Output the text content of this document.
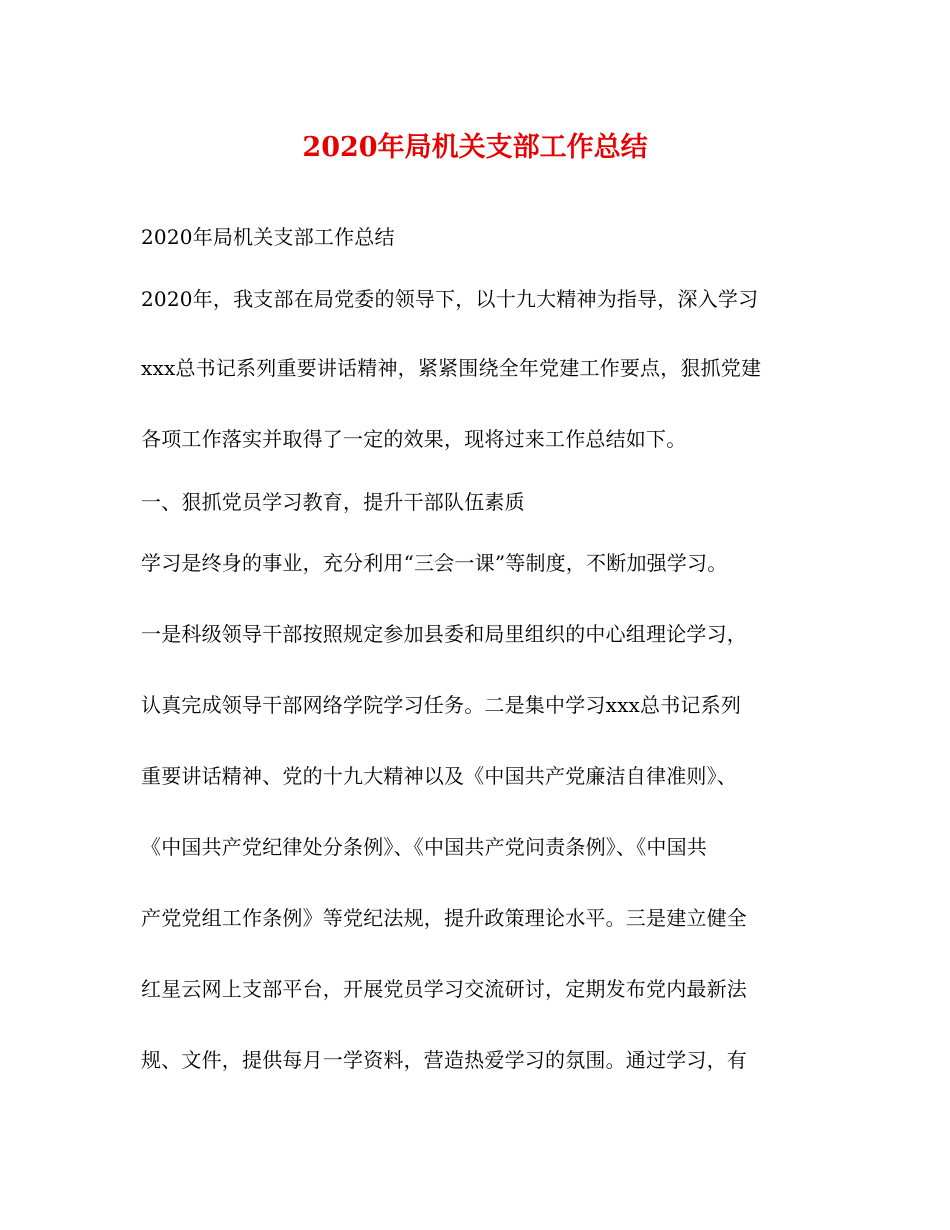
2020年局机关支部工作总结
2020年局机关支部工作总结
2020年，我支部在局党委的领导下，以十九大精神为指导，深入学习
xxx总书记系列重要讲话精神，紧紧围绕全年党建工作要点，狠抓党建
各项工作落实并取得了一定的效果，现将过来工作总结如下。
一、狠抓党员学习教育，提升干部队伍素质
学习是终身的事业，充分利用“三会一课”等制度，不断加强学习。
一是科级领导干部按照规定参加县委和局里组织的中心组理论学习，
认真完成领导干部网络学院学习任务。二是集中学习xxx总书记系列
重要讲话精神、党的十九大精神以及《中国共产党廉洁自律准则》、
《中国共产党纪律处分条例》、《中国共产党问责条例》、《中国共
产党党组工作条例》等党纪法规，提升政策理论水平。三是建立健全
红星云网上支部平台，开展党员学习交流研讨，定期发布党内最新法
规、文件，提供每月一学资料，营造热爱学习的氛围。通过学习，有
